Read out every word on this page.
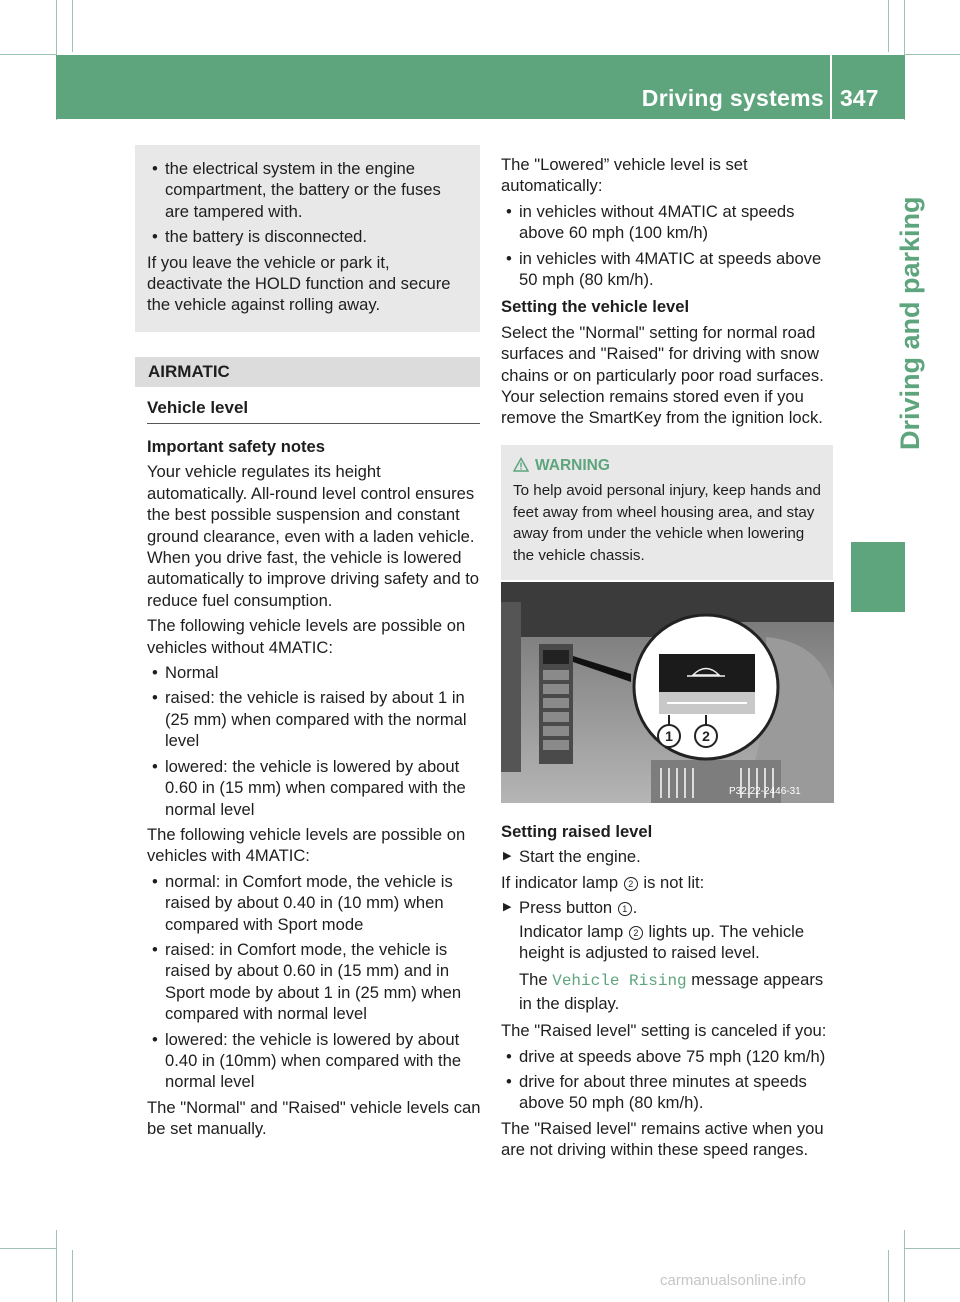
Driving systems 347
Driving and parking
• the electrical system in the engine compartment, the battery or the fuses are tampered with.
• the battery is disconnected.

If you leave the vehicle or park it, deactivate the HOLD function and secure the vehicle against rolling away.

AIRMATIC
Vehicle level

Important safety notes

Your vehicle regulates its height automatically. All-round level control ensures the best possible suspension and constant ground clearance, even with a laden vehicle. When you drive fast, the vehicle is lowered automatically to improve driving safety and to reduce fuel consumption.

The following vehicle levels are possible on vehicles without 4MATIC:

• Normal
• raised: the vehicle is raised by about 1 in (25 mm) when compared with the normal level
• lowered: the vehicle is lowered by about 0.60 in (15 mm) when compared with the normal level

The following vehicle levels are possible on vehicles with 4MATIC:

• normal: in Comfort mode, the vehicle is raised by about 0.40 in (10 mm) when compared with Sport mode
• raised: in Comfort mode, the vehicle is raised by about 0.60 in (15 mm) and in Sport mode by about 1 in (25 mm) when compared with normal level
• lowered: the vehicle is lowered by about 0.40 in (10mm) when compared with the normal level

The "Normal" and "Raised" vehicle levels can be set manually.

The "Lowered” vehicle level is set automatically:

• in vehicles without 4MATIC at speeds above 60 mph (100 km/h)
• in vehicles with 4MATIC at speeds above 50 mph (80 km/h).

Setting the vehicle level

Select the "Normal" setting for normal road surfaces and "Raised" for driving with snow chains or on particularly poor road surfaces. Your selection remains stored even if you remove the SmartKey from the ignition lock.

WARNING

To help avoid personal injury, keep hands and feet away from wheel housing area, and stay away from under the vehicle when lowering the vehicle chassis.

1 2
P32.22-2446-31

Setting raised level

▶ Start the engine.

If indicator lamp 2 is not lit:

▶ Press button 1 .
Indicator lamp 2 lights up. The vehicle height is adjusted to raised level.
The Vehicle Rising message appears in the display.

The "Raised level" setting is canceled if you:

• drive at speeds above 75 mph (120 km/h)
• drive for about three minutes at speeds above 50 mph (80 km/h).

The "Raised level" remains active when you are not driving within these speed ranges.

carmanualsonline.info
